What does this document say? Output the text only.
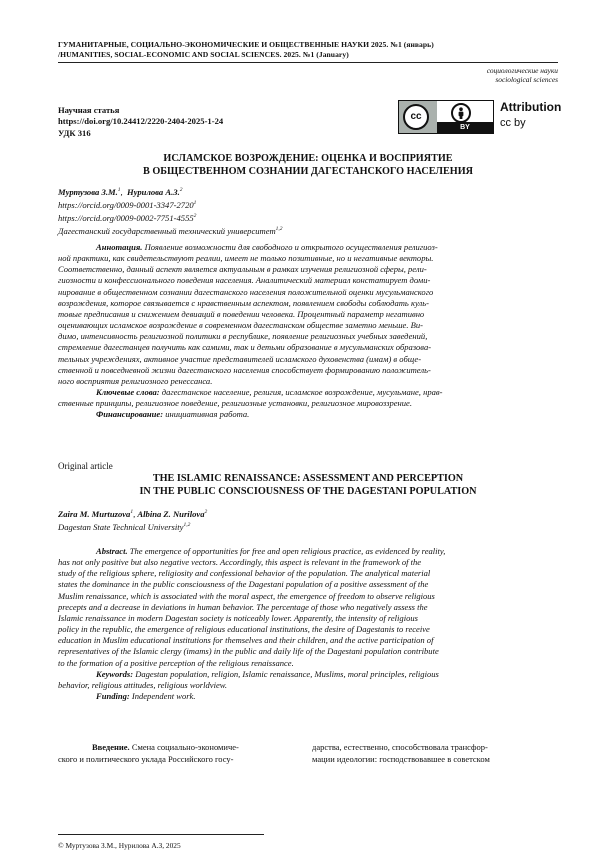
ГУМАНИТАРНЫЕ, СОЦИАЛЬНО-ЭКОНОМИЧЕСКИЕ И ОБЩЕСТВЕННЫЕ НАУКИ 2025. №1 (январь)
/HUMANITIES, SOCIAL-ECONOMIC AND SOCIAL SCIENCES. 2025. №1 (January)
социологические науки
sociological sciences
Научная статья
https://doi.org/10.24412/2220-2404-2025-1-24
УДК 316
cc
BY
Attribution
cc by
ИСЛАМСКОЕ ВОЗРОЖДЕНИЕ: ОЦЕНКА И ВОСПРИЯТИЕ
В ОБЩЕСТВЕННОМ СОЗНАНИИ ДАГЕСТАНСКОГО НАСЕЛЕНИЯ
Муртузова З.М.$^1$,  Нурилова А.З.$^2$
https://orcid.org/0009-0001-3347-2720$^1$
https://orcid.org/0009-0002-7751-4555$^2$
Дагестанский государственный технический университет$^{1,2}$
Аннотация. Появление возможности для свободного и открытого осуществления религиоз-
ной практики, как свидетельствуют реалии, имеет не только позитивные, но и негативные векторы.
Соответственно, данный аспект является актуальным в рамках изучения религиозной сферы, рели-
гиозности и конфессионального поведения населения. Аналитический материал констатирует доми-
нирование в общественном сознании дагестанского населения положительной оценки мусульманского
возрождения, которое связывается с нравственным аспектом, появлением свободы соблюдать куль-
товые предписания и снижением девиаций в поведении человека. Процентный параметр негативно
оценивающих исламское возрождение в современном дагестанском обществе заметно меньше. Ви-
димо, интенсивность религиозной политики в республике, появление религиозных учебных заведений,
стремление дагестанцев получить как самими, так и детьми образование в мусульманских образова-
тельных учреждениях, активное участие представителей исламского духовенства (имам) в обще-
ственной и повседневной жизни дагестанского населения способствует формированию положитель-
ного восприятия религиозного ренессанса.
Ключевые слова: дагестанское население, религия, исламское возрождение, мусульмане, нрав-
ственные принципы, религиозное поведение, религиозные установки, религиозное мировоззрение.
Финансирование: инициативная работа.
Original article
THE ISLAMIC RENAISSANCE: ASSESSMENT AND PERCEPTION
IN THE PUBLIC CONSCIOUSNESS OF THE DAGESTANI POPULATION
Zaira M. Murtuzova$^1$, Albina Z. Nurilova$^2$
Dagestan State Technical University$^{1,2}$
Abstract. The emergence of opportunities for free and open religious practice, as evidenced by reality,
has not only positive but also negative vectors. Accordingly, this aspect is relevant in the framework of the
study of the religious sphere, religiosity and confessional behavior of the population. The analytical material
states the dominance in the public consciousness of the Dagestani population of a positive assessment of the
Muslim renaissance, which is associated with the moral aspect, the emergence of freedom to observe religious
precepts and a decrease in deviations in human behavior. The percentage of those who negatively assess the
Islamic renaissance in modern Dagestan society is noticeably lower. Apparently, the intensity of religious
policy in the republic, the emergence of religious educational institutions, the desire of Dagestanis to receive
education in Muslim educational institutions for themselves and their children, and the active participation of
representatives of the Islamic clergy (imams) in the public and daily life of the Dagestani population contribute
to the formation of a positive perception of the religious renaissance.
Keywords: Dagestan population, religion, Islamic renaissance, Muslims, moral principles, religious
behavior, religious attitudes, religious worldview.
Funding: Independent work.
Введение. Смена социально-экономиче-
ского и политического уклада Российского госу-
дарства, естественно, способствовала трансфор-
мации идеологии: господствовавшее в советском
© Муртузова З.М., Нурилова А.З, 2025
